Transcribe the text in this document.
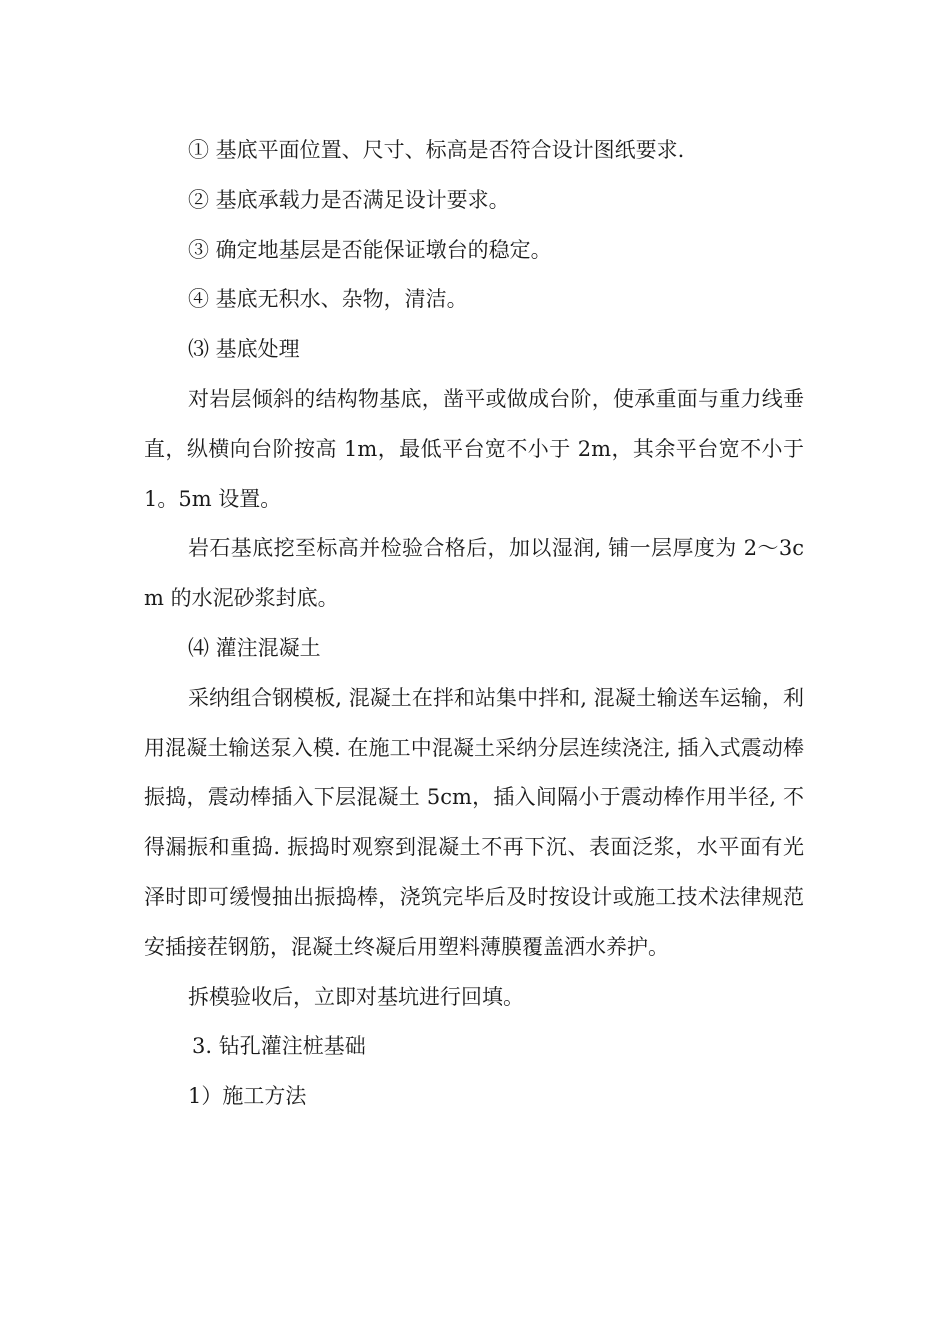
① 基底平面位置、尺寸、标高是否符合设计图纸要求.

② 基底承载力是否满足设计要求。

③ 确定地基层是否能保证墩台的稳定。

④ 基底无积水、杂物，清洁。

⑶ 基底处理

对岩层倾斜的结构物基底，凿平或做成台阶，使承重面与重力线垂直，纵横向台阶按高 1m，最低平台宽不小于 2m，其余平台宽不小于 1。5m 设置。

岩石基底挖至标高并检验合格后，加以湿润, 铺一层厚度为 2～3cm 的水泥砂浆封底。

⑷ 灌注混凝土

采纳组合钢模板, 混凝土在拌和站集中拌和, 混凝土输送车运输，利用混凝土输送泵入模. 在施工中混凝土采纳分层连续浇注, 插入式震动棒振捣，震动棒插入下层混凝土 5cm，插入间隔小于震动棒作用半径, 不得漏振和重捣. 振捣时观察到混凝土不再下沉、表面泛浆，水平面有光泽时即可缓慢抽出振捣棒，浇筑完毕后及时按设计或施工技术法律规范安插接茬钢筋，混凝土终凝后用塑料薄膜覆盖洒水养护。

拆模验收后，立即对基坑进行回填。

3. 钻孔灌注桩基础

1）施工方法
